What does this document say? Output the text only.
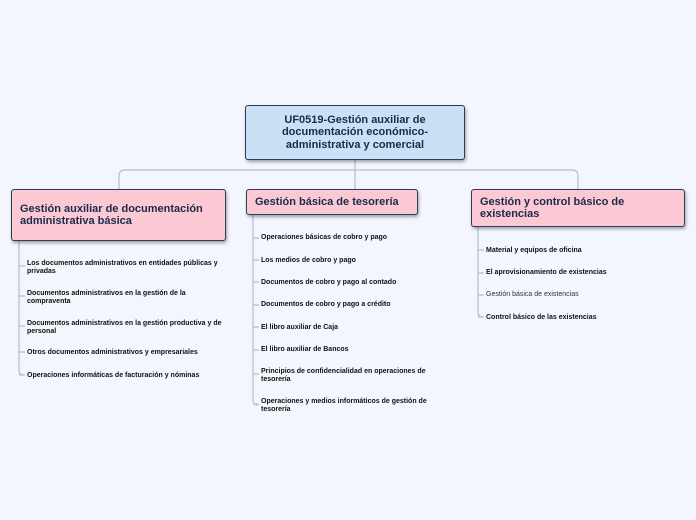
UF0519-Gestión auxiliar de documentación económico-administrativa y comercial
Gestión auxiliar de documentación administrativa básica
Gestión básica de tesorería	Gestión y control básico de existencias
Los documentos administrativos en entidades públicas y privadas
Documentos administrativos en la gestión de la compraventa
Documentos administrativos en la gestión productiva y de personal
Otros documentos administrativos y empresariales
Operaciones informáticas de facturación y nóminas
Operaciones básicas de cobro y pago
Los medios de cobro y pago
Documentos de cobro y pago al contado
Documentos de cobro y pago a crédito
El libro auxiliar de Caja
El libro auxiliar de Bancos
Principios de confidencialidad en operaciones de tesorería
Operaciones y medios informáticos de gestión de tesorería
Material y equipos de oficina
El aprovisionamiento de existencias
Gestión básica de existencias
Control básico de las existencias
